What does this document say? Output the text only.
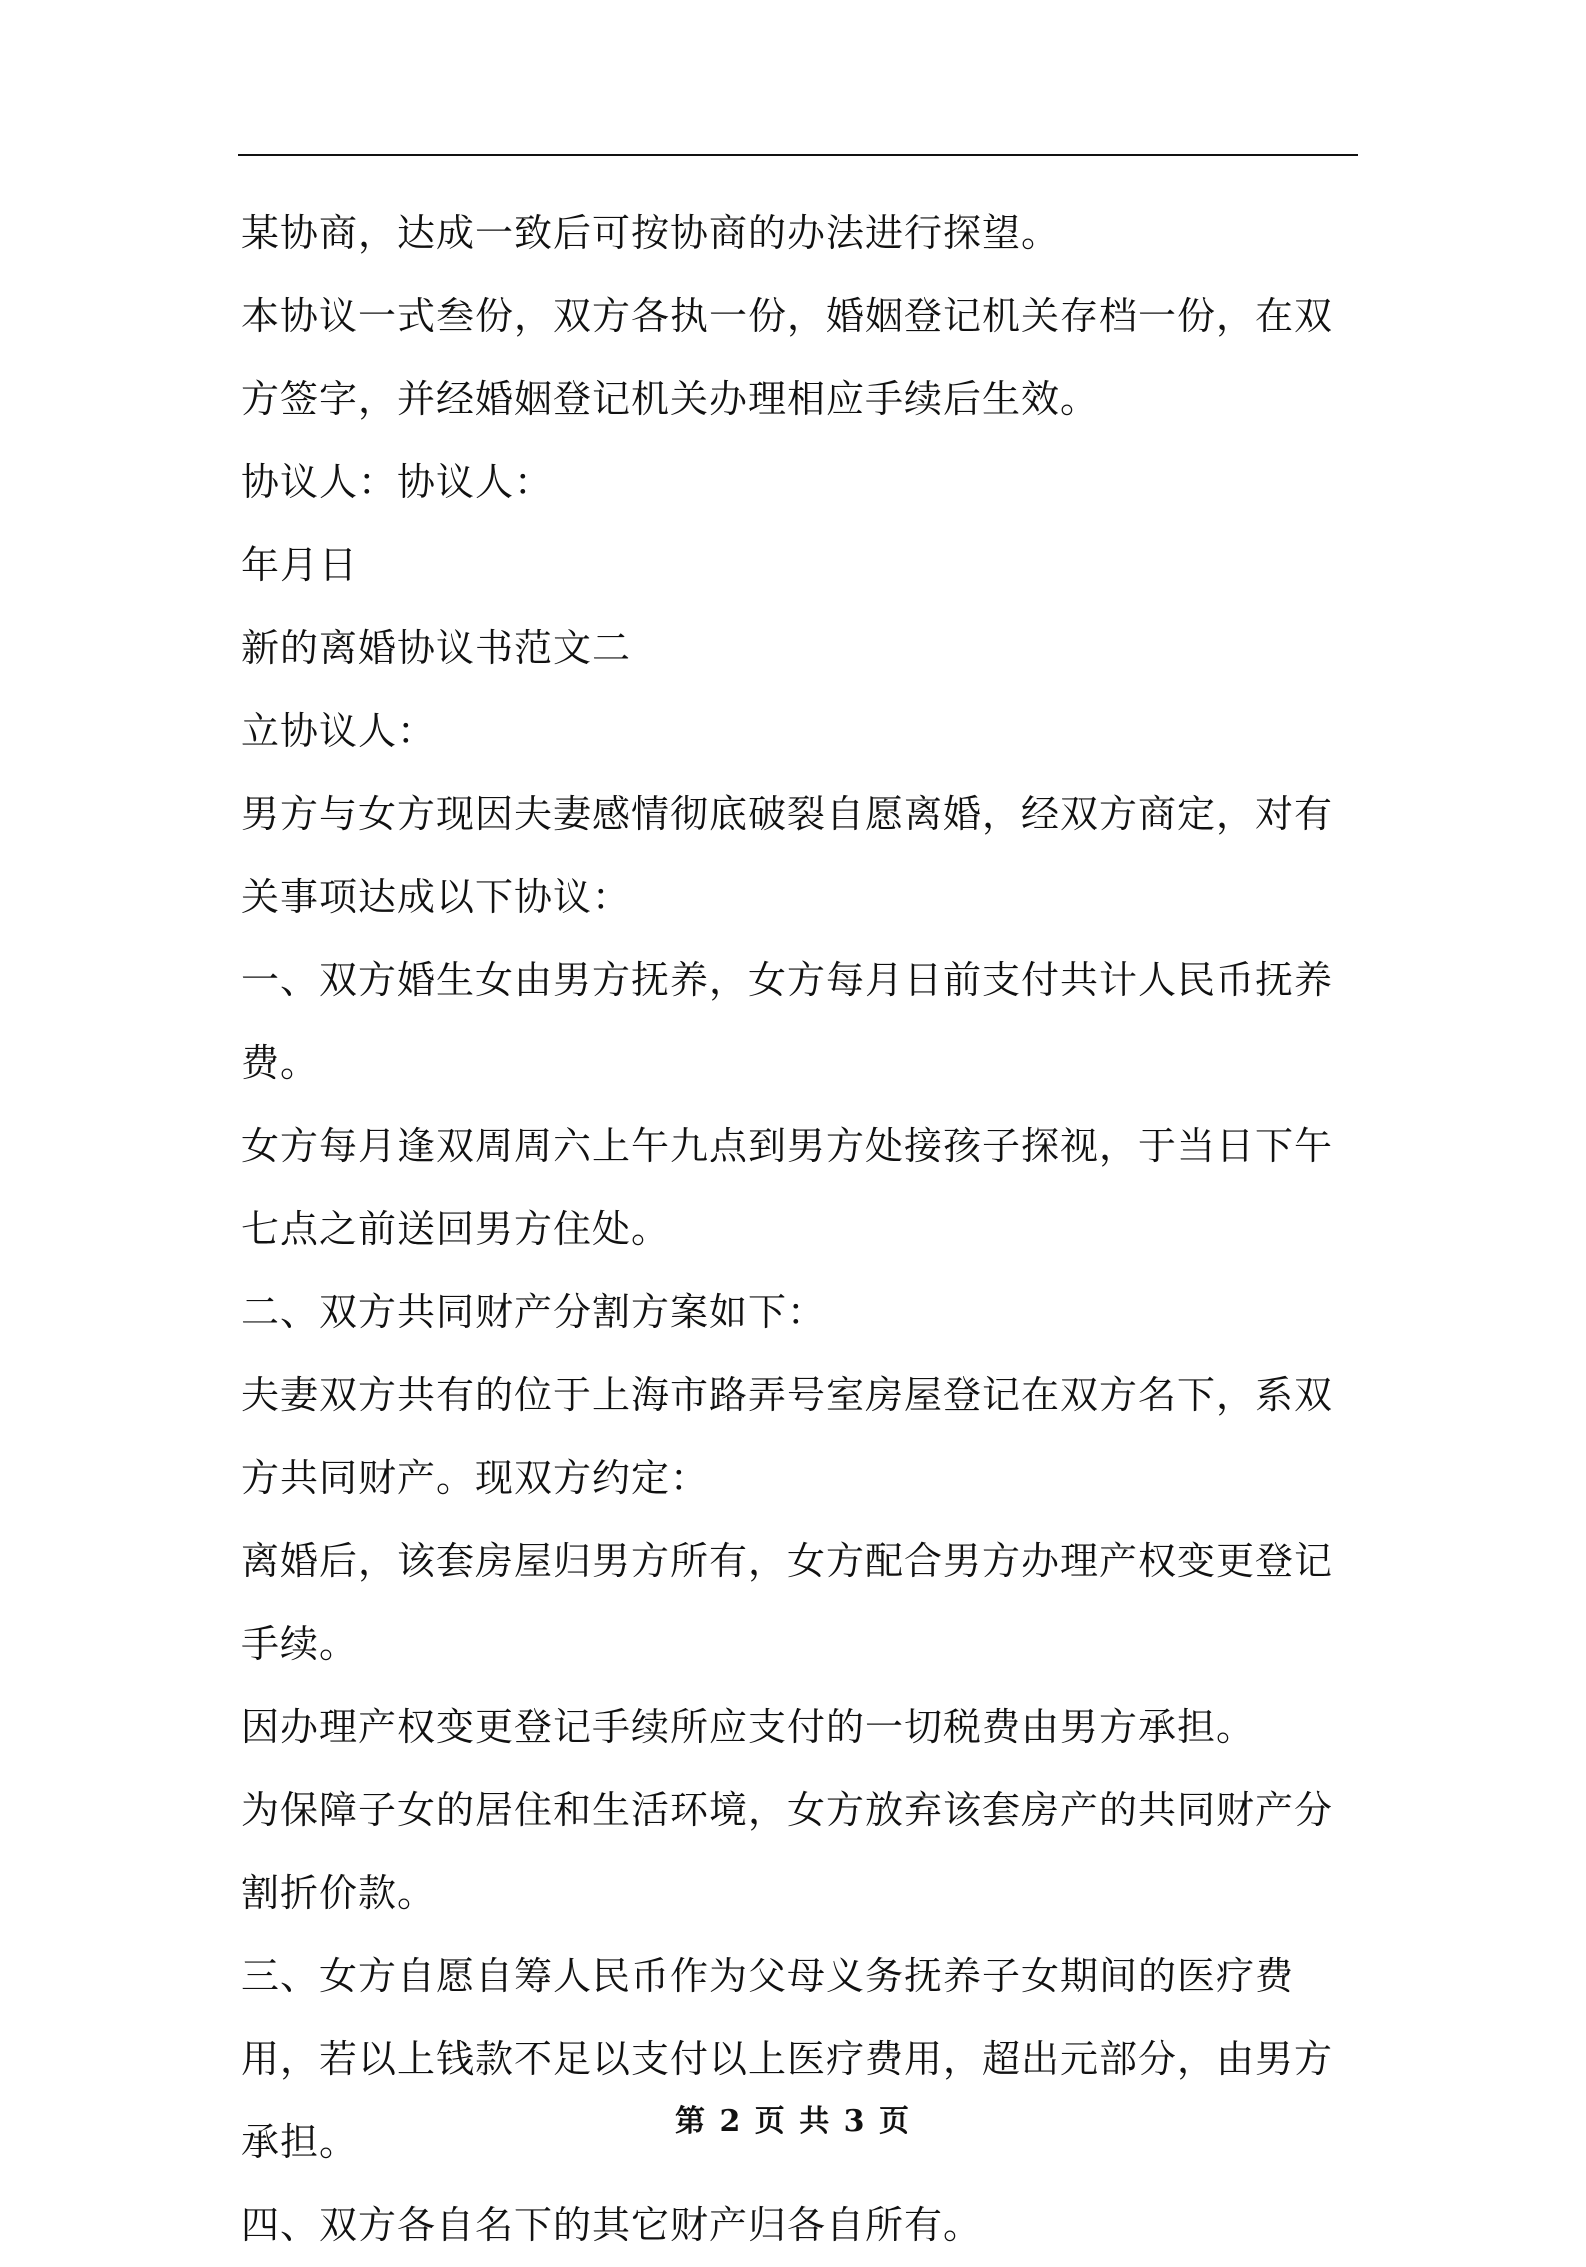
某协商，达成一致后可按协商的办法进行探望。

本协议一式叁份，双方各执一份，婚姻登记机关存档一份，在双方签字，并经婚姻登记机关办理相应手续后生效。

协议人：协议人：

年月日

新的离婚协议书范文二

立协议人：

男方与女方现因夫妻感情彻底破裂自愿离婚，经双方商定，对有关事项达成以下协议：

一、双方婚生女由男方抚养，女方每月日前支付共计人民币抚养费。

女方每月逢双周周六上午九点到男方处接孩子探视，于当日下午七点之前送回男方住处。

二、双方共同财产分割方案如下：

夫妻双方共有的位于上海市路弄号室房屋登记在双方名下，系双方共同财产。现双方约定：

离婚后，该套房屋归男方所有，女方配合男方办理产权变更登记手续。

因办理产权变更登记手续所应支付的一切税费由男方承担。

为保障子女的居住和生活环境，女方放弃该套房产的共同财产分割折价款。

三、女方自愿自筹人民币作为父母义务抚养子女期间的医疗费用，若以上钱款不足以支付以上医疗费用，超出元部分，由男方承担。

四、双方各自名下的其它财产归各自所有。

第 2 页 共 3 页
